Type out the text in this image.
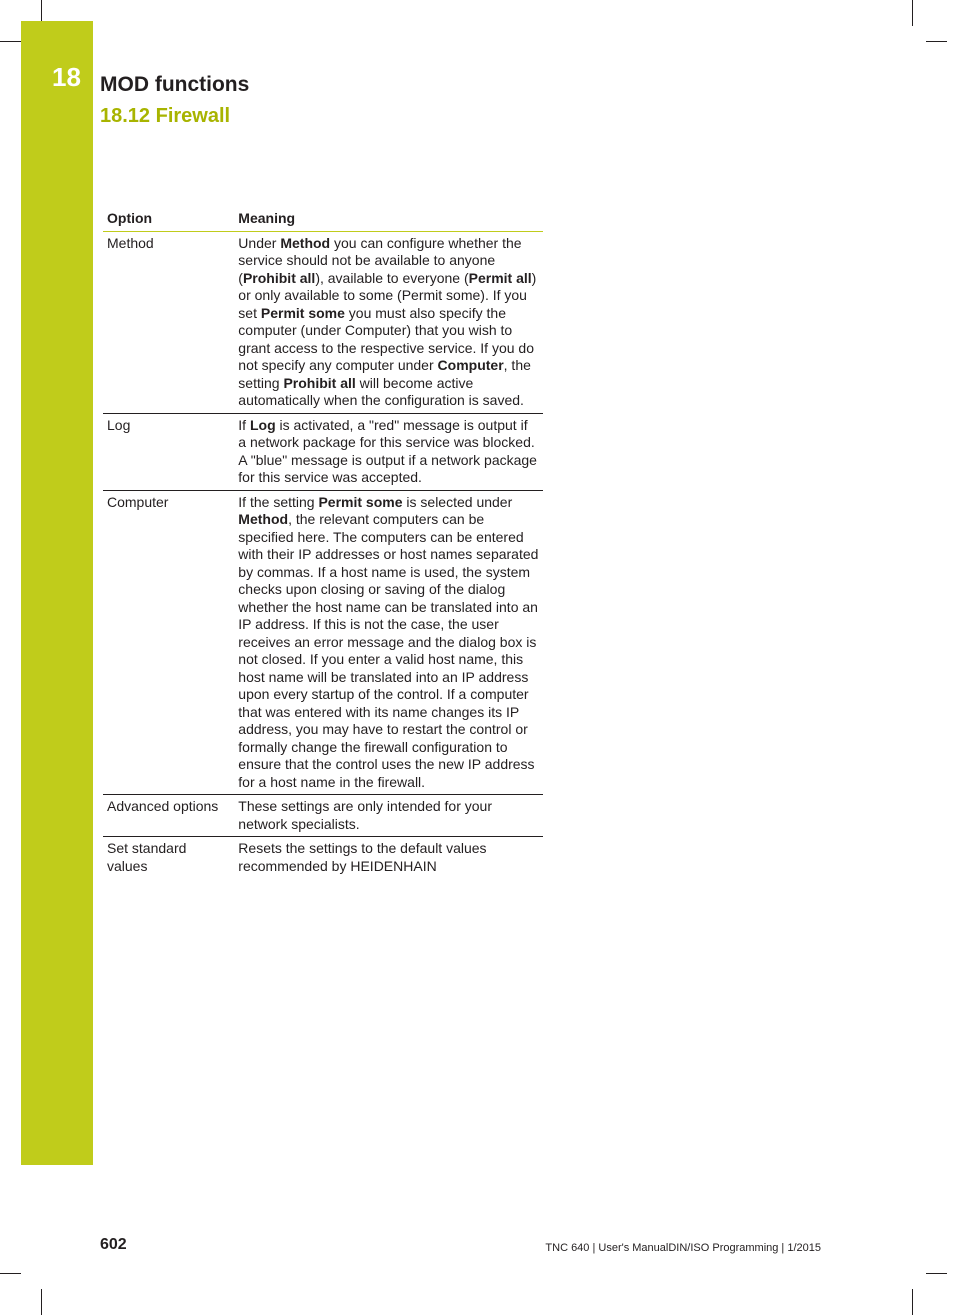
18 MOD functions
18.12 Firewall
Option	Meaning
Method	Under Method you can configure whether the service should not be available to anyone (Prohibit all), available to everyone (Permit all) or only available to some (Permit some). If you set Permit some you must also specify the computer (under Computer) that you wish to grant access to the respective service. If you do not specify any computer under Computer, the setting Prohibit all will become active automatically when the configuration is saved.

Log	If Log is activated, a "red" message is output if a network package for this service was blocked. A "blue" message is output if a network package for this service was accepted.

Computer	If the setting Permit some is selected under Method, the relevant computers can be specified here. The computers can be entered with their IP addresses or host names separated by commas. If a host name is used, the system checks upon closing or saving of the dialog whether the host name can be translated into an IP address. If this is not the case, the user receives an error message and the dialog box is not closed. If you enter a valid host name, this host name will be translated into an IP address upon every startup of the control. If a computer that was entered with its name changes its IP address, you may have to restart the control or formally change the firewall configuration to ensure that the control uses the new IP address for a host name in the firewall.

Advanced options	These settings are only intended for your network specialists.

Set standard values	Resets the settings to the default values recommended by HEIDENHAIN
602	TNC 640 | User's ManualDIN/ISO Programming | 1/2015
